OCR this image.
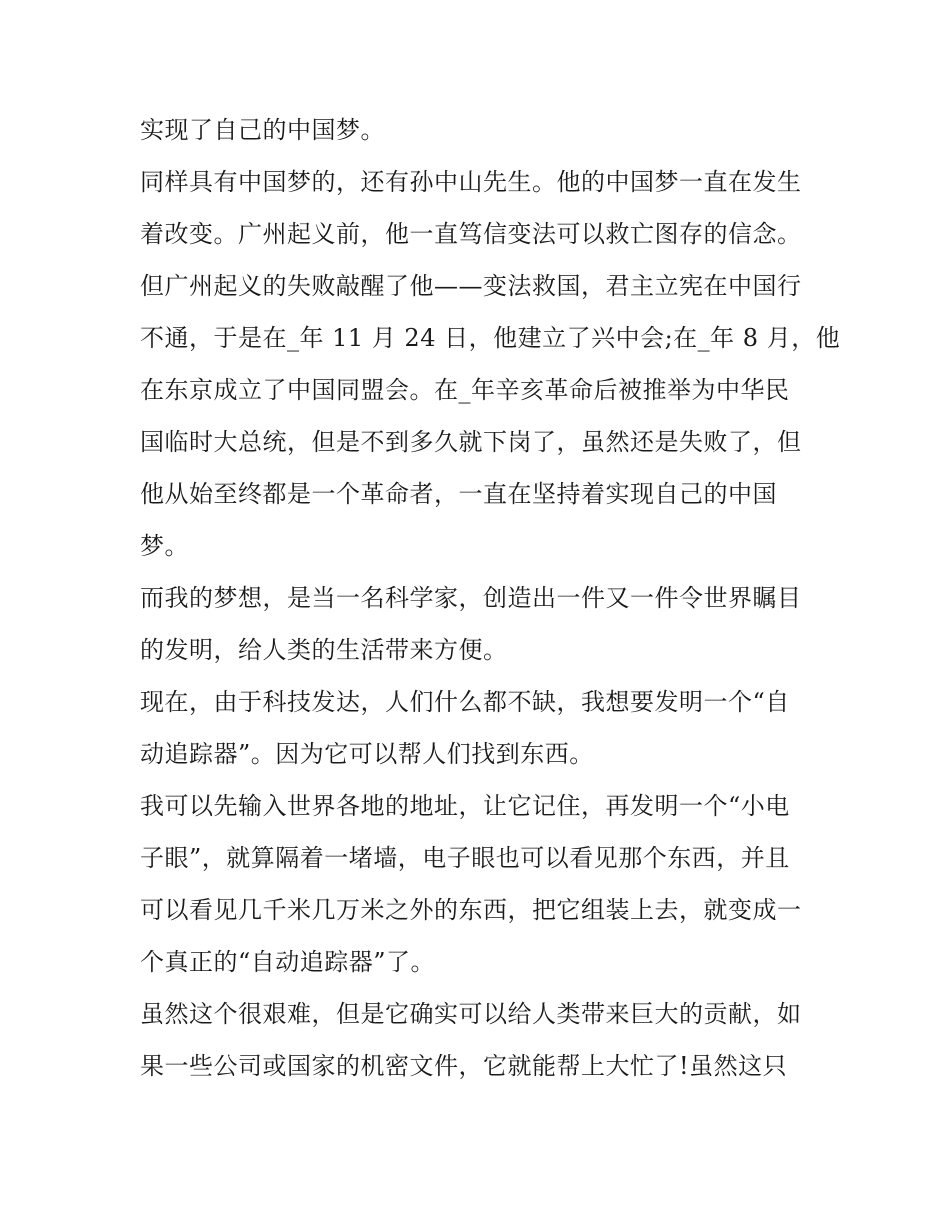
实现了自己的中国梦。
同样具有中国梦的，还有孙中山先生。他的中国梦一直在发生
着改变。广州起义前，他一直笃信变法可以救亡图存的信念。
但广州起义的失败敲醒了他——变法救国，君主立宪在中国行
不通，于是在_年 11 月 24 日，他建立了兴中会;在_年 8 月，他
在东京成立了中国同盟会。在_年辛亥革命后被推举为中华民
国临时大总统，但是不到多久就下岗了，虽然还是失败了，但
他从始至终都是一个革命者，一直在坚持着实现自己的中国
梦。
而我的梦想，是当一名科学家，创造出一件又一件令世界瞩目
的发明，给人类的生活带来方便。
现在，由于科技发达，人们什么都不缺，我想要发明一个“自
动追踪器”。因为它可以帮人们找到东西。
我可以先输入世界各地的地址，让它记住，再发明一个“小电
子眼”，就算隔着一堵墙，电子眼也可以看见那个东西，并且
可以看见几千米几万米之外的东西，把它组装上去，就变成一
个真正的“自动追踪器”了。
虽然这个很艰难，但是它确实可以给人类带来巨大的贡献，如
果一些公司或国家的机密文件，它就能帮上大忙了!虽然这只
